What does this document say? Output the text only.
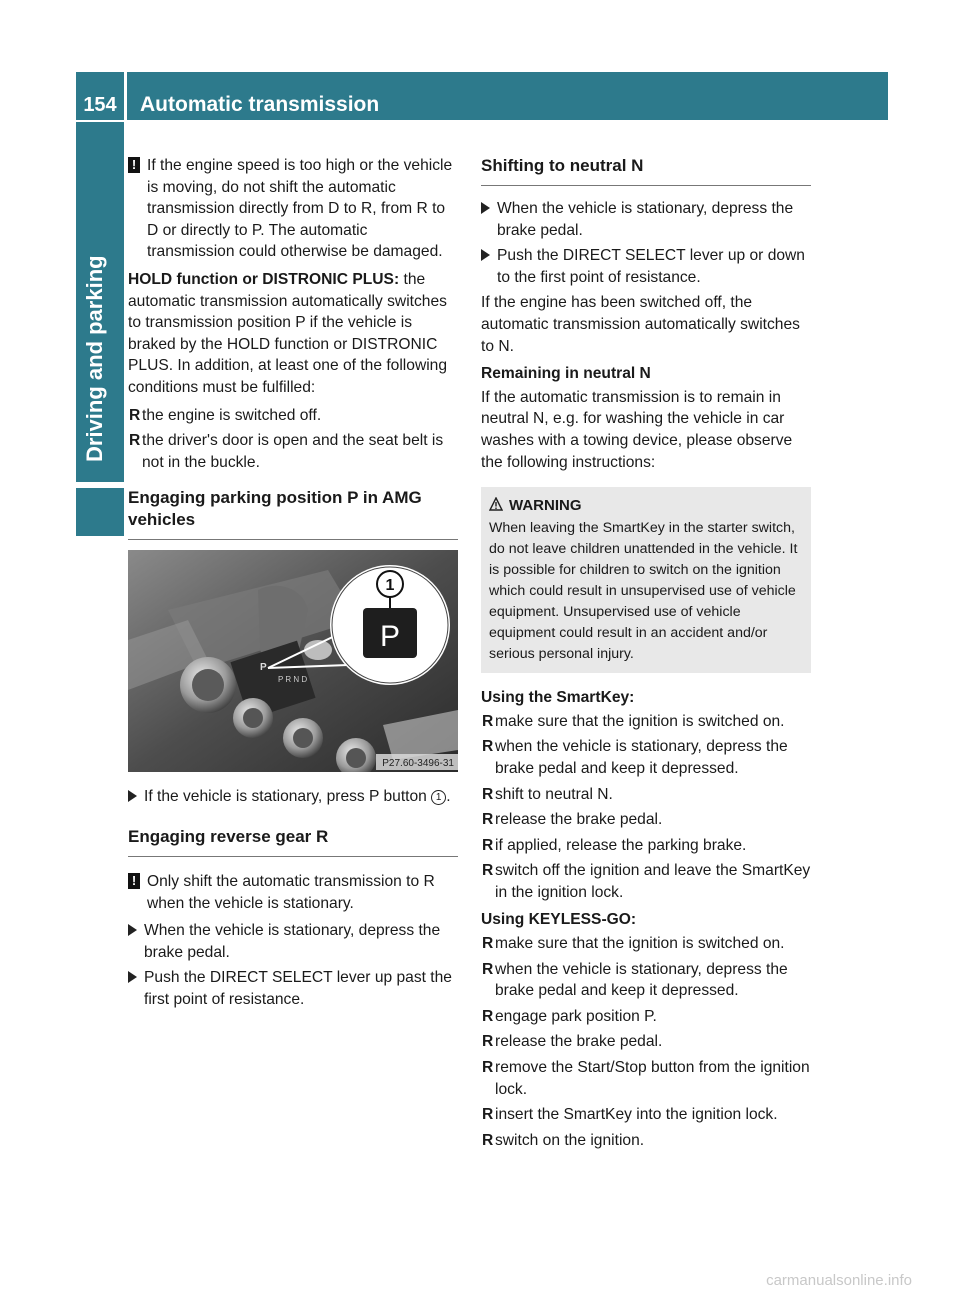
154	Automatic transmission
Driving and parking
! If the engine speed is too high or the vehicle is moving, do not shift the automatic transmission directly from D to R, from R to D or directly to P. The automatic transmission could otherwise be damaged.

HOLD function or DISTRONIC PLUS: the automatic transmission automatically switches to transmission position P if the vehicle is braked by the HOLD function or DISTRONIC PLUS. In addition, at least one of the following conditions must be fulfilled:

R the engine is switched off.
R the driver's door is open and the seat belt is not in the buckle.
Engaging parking position P in AMG vehicles
P
P R N D
1
P
P27.60-3496-31
If the vehicle is stationary, press P button 1 .
Engaging reverse gear R
! Only shift the automatic transmission to R when the vehicle is stationary.
When the vehicle is stationary, depress the brake pedal.
Push the DIRECT SELECT lever up past the first point of resistance.
Shifting to neutral N
When the vehicle is stationary, depress the brake pedal.
Push the DIRECT SELECT lever up or down to the first point of resistance.

If the engine has been switched off, the automatic transmission automatically switches to N.

Remaining in neutral N

If the automatic transmission is to remain in neutral N, e.g. for washing the vehicle in car washes with a towing device, please observe the following instructions:

WARNING
When leaving the SmartKey in the starter switch, do not leave children unattended in the vehicle. It is possible for children to switch on the ignition which could result in unsupervised use of vehicle equipment. Unsupervised use of vehicle equipment could result in an accident and/or serious personal injury.
Using the SmartKey:
R make sure that the ignition is switched on.
R when the vehicle is stationary, depress the brake pedal and keep it depressed.
R shift to neutral N.
R release the brake pedal.
R if applied, release the parking brake.
R switch off the ignition and leave the SmartKey in the ignition lock.
Using KEYLESS-GO:
R make sure that the ignition is switched on.
R when the vehicle is stationary, depress the brake pedal and keep it depressed.
R engage park position P.
R release the brake pedal.
R remove the Start/Stop button from the ignition lock.
R insert the SmartKey into the ignition lock.
R switch on the ignition.
carmanualsonline.info
